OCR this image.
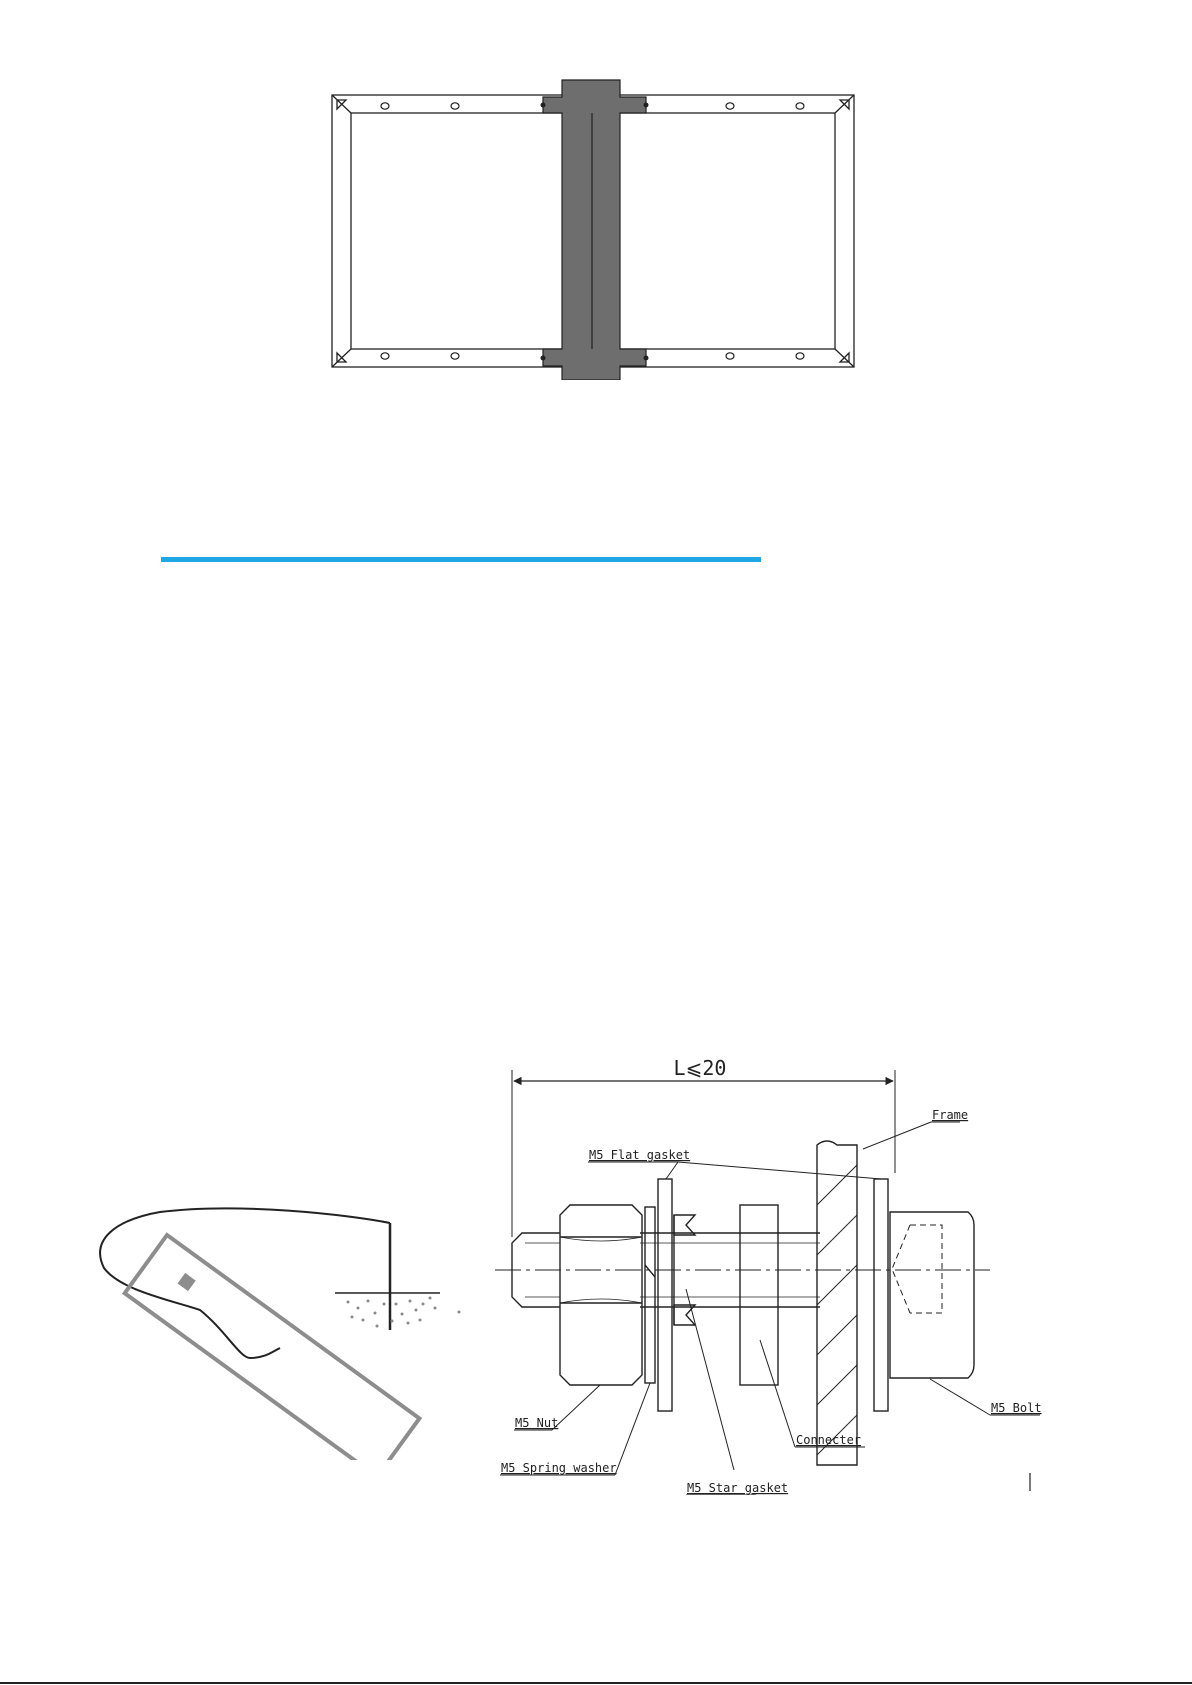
L⩽20
Frame
M5 Flat gasket
M5 Nut
M5 Spring washer
M5 Star gasket
Connecter
M5 Bolt
